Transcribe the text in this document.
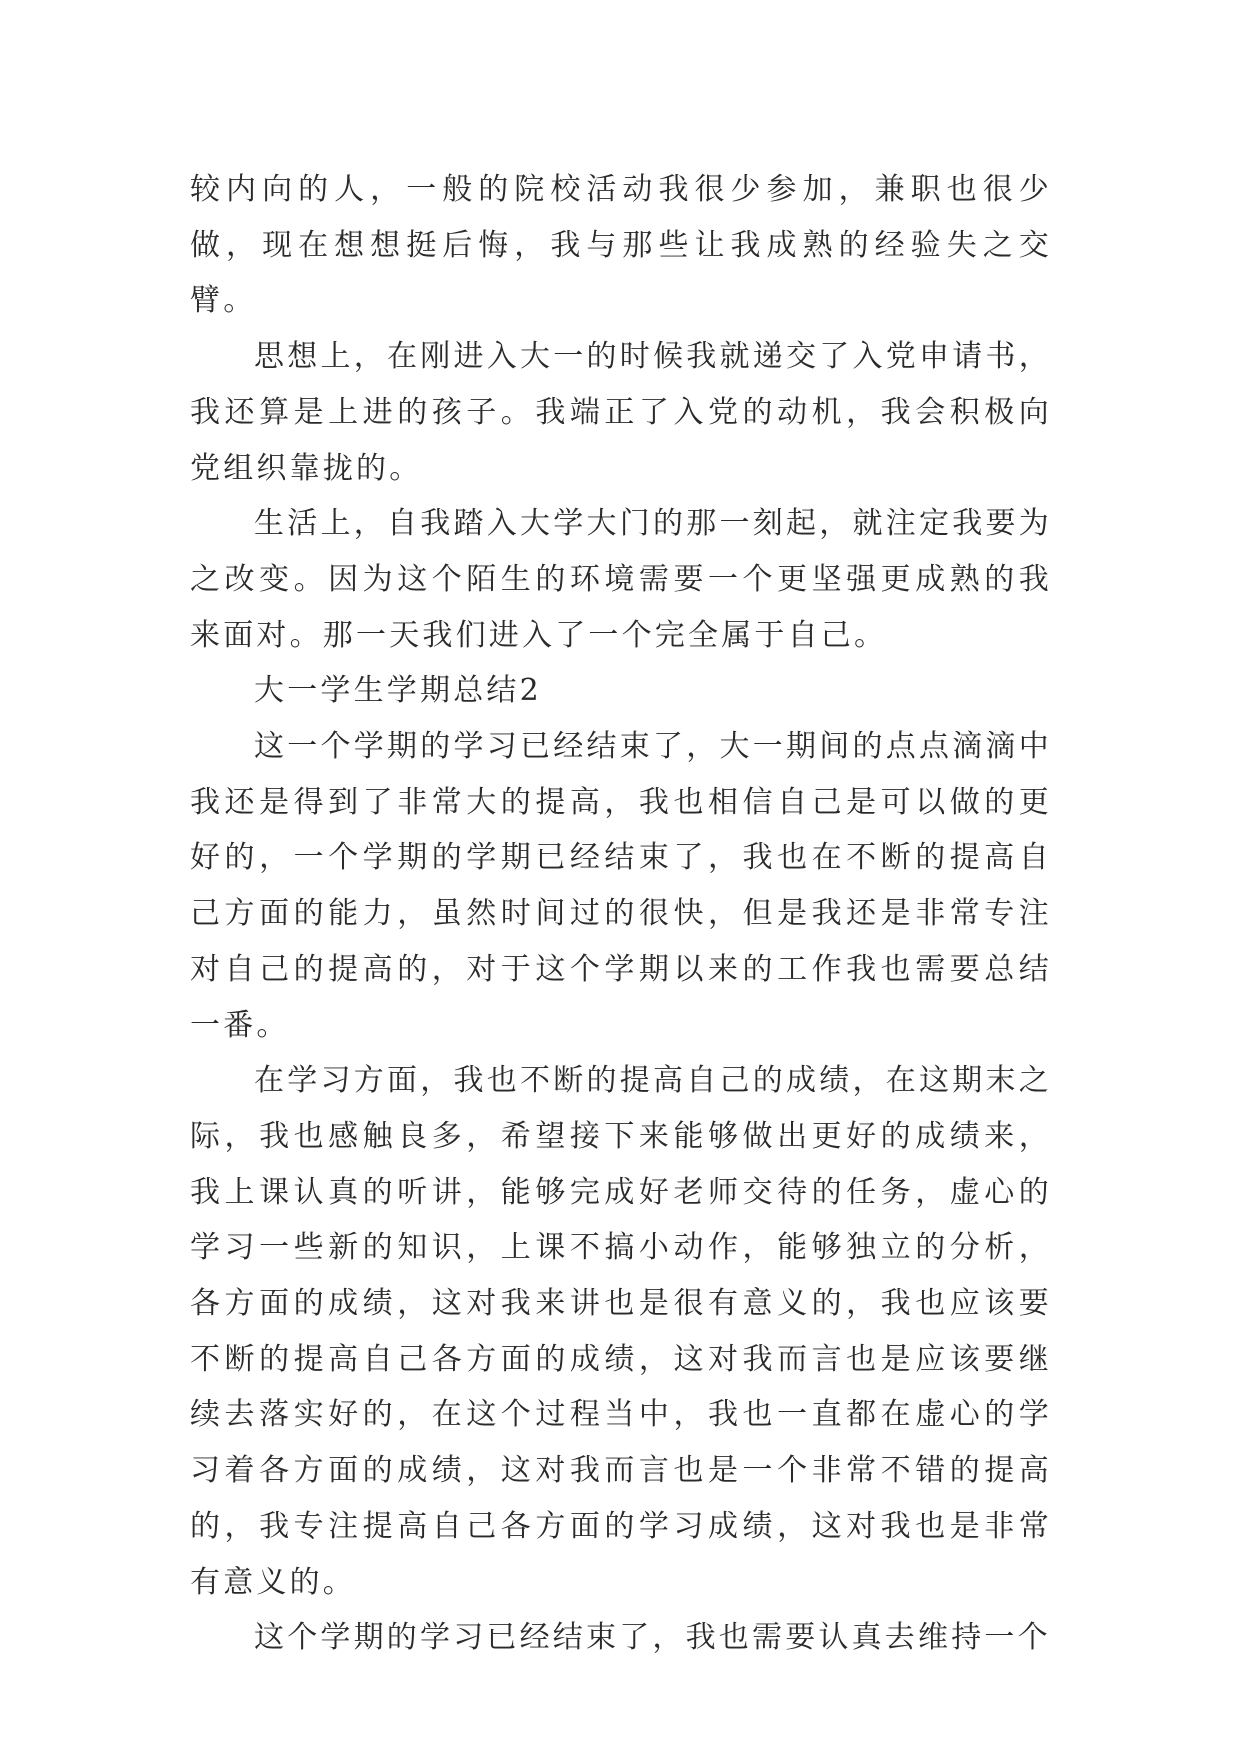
较内向的人，一般的院校活动我很少参加，兼职也很少做，现在想想挺后悔，我与那些让我成熟的经验失之交臂。

思想上，在刚进入大一的时候我就递交了入党申请书，我还算是上进的孩子。我端正了入党的动机，我会积极向党组织靠拢的。

生活上，自我踏入大学大门的那一刻起，就注定我要为之改变。因为这个陌生的环境需要一个更坚强更成熟的我来面对。那一天我们进入了一个完全属于自己。

大一学生学期总结2

这一个学期的学习已经结束了，大一期间的点点滴滴中我还是得到了非常大的提高，我也相信自己是可以做的更好的，一个学期的学期已经结束了，我也在不断的提高自己方面的能力，虽然时间过的很快，但是我还是非常专注对自己的提高的，对于这个学期以来的工作我也需要总结一番。

在学习方面，我也不断的提高自己的成绩，在这期末之际，我也感触良多，希望接下来能够做出更好的成绩来，我上课认真的听讲，能够完成好老师交待的任务，虚心的学习一些新的知识，上课不搞小动作，能够独立的分析，各方面的成绩，这对我来讲也是很有意义的，我也应该要不断的提高自己各方面的成绩，这对我而言也是应该要继续去落实好的，在这个过程当中，我也一直都在虚心的学习着各方面的成绩，这对我而言也是一个非常不错的提高的，我专注提高自己各方面的学习成绩，这对我也是非常有意义的。

这个学期的学习已经结束了，我也需要认真去维持一个
